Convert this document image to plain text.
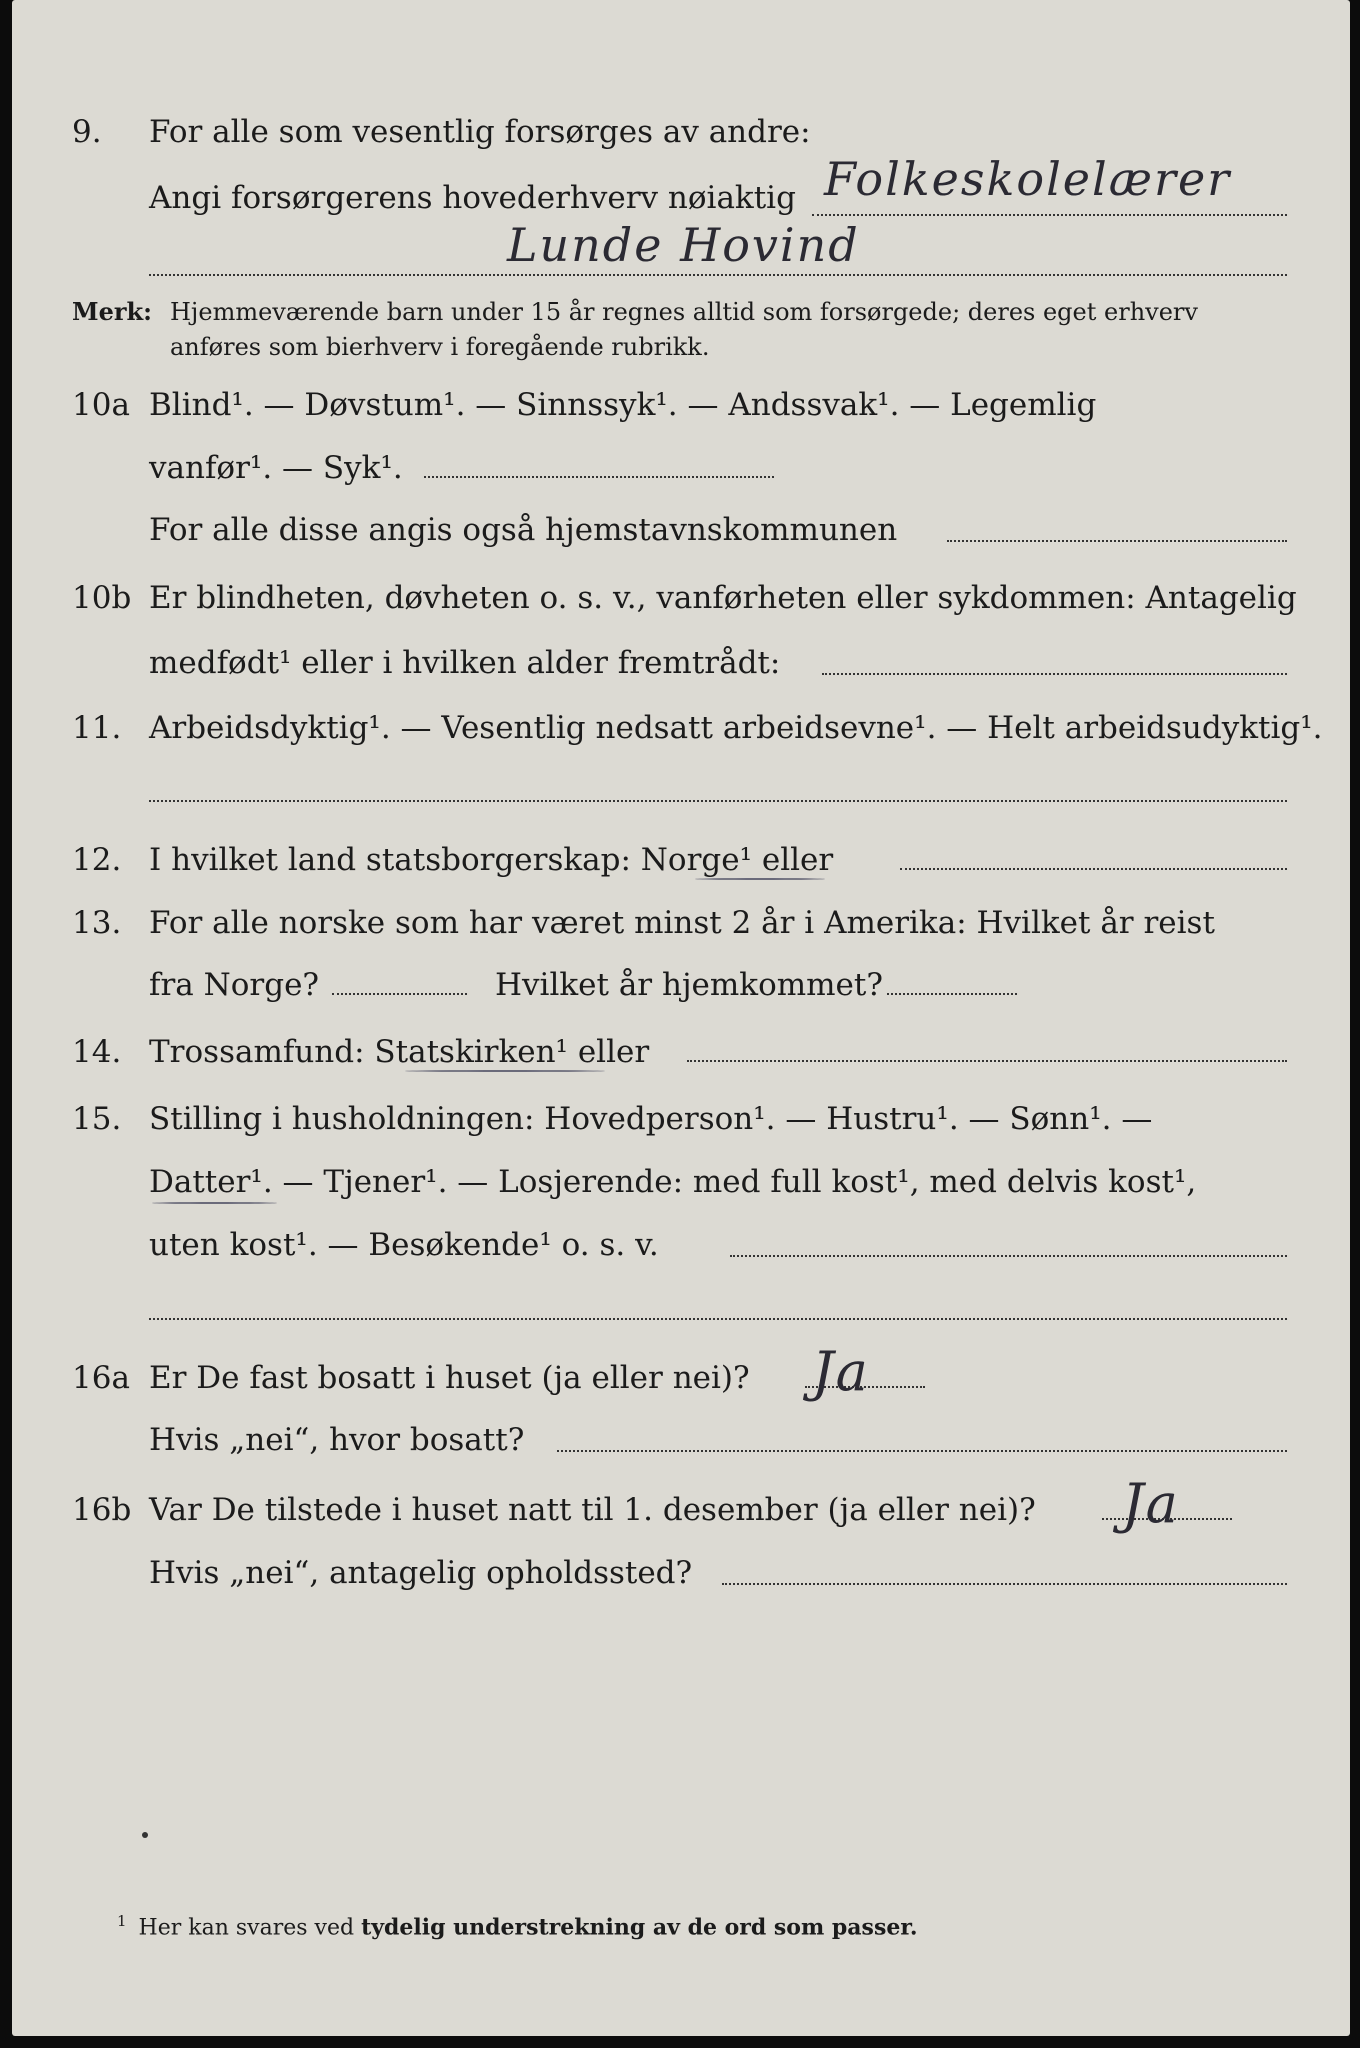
9. For alle som vesentlig forsørges av andre:
Angi forsørgerens hovederhverv nøiaktig Folkeskolelærer
Lunde Hovind
Merk: Hjemmeværende barn under 15 år regnes alltid som forsørgede; deres eget erhverv
anføres som bierhverv i foregående rubrikk.
10a Blind¹. — Døvstum¹. — Sinnssyk¹. — Andssvak¹. — Legemlig
vanfør¹. — Syk¹.
For alle disse angis også hjemstavnskommunen
10b Er blindheten, døvheten o. s. v., vanførheten eller sykdommen: Antagelig
medfødt¹ eller i hvilken alder fremtrådt:
11. Arbeidsdyktig¹. — Vesentlig nedsatt arbeidsevne¹. — Helt arbeidsudyktig¹.
12. I hvilket land statsborgerskap: Norge¹ eller
13. For alle norske som har været minst 2 år i Amerika: Hvilket år reist
fra Norge?	Hvilket år hjemkommet?
14. Trossamfund: Statskirken¹ eller
15. Stilling i husholdningen: Hovedperson¹. — Hustru¹. — Sønn¹. —
Datter¹. — Tjener¹. — Losjerende: med full kost¹, med delvis kost¹,
uten kost¹. — Besøkende¹ o. s. v.
16a Er De fast bosatt i huset (ja eller nei)? Ja
Hvis „nei“, hvor bosatt?
16b Var De tilstede i huset natt til 1. desember (ja eller nei)? Ja
Hvis „nei“, antagelig opholdssted?
$^1$ Her kan svares ved tydelig understrekning av de ord som passer.
